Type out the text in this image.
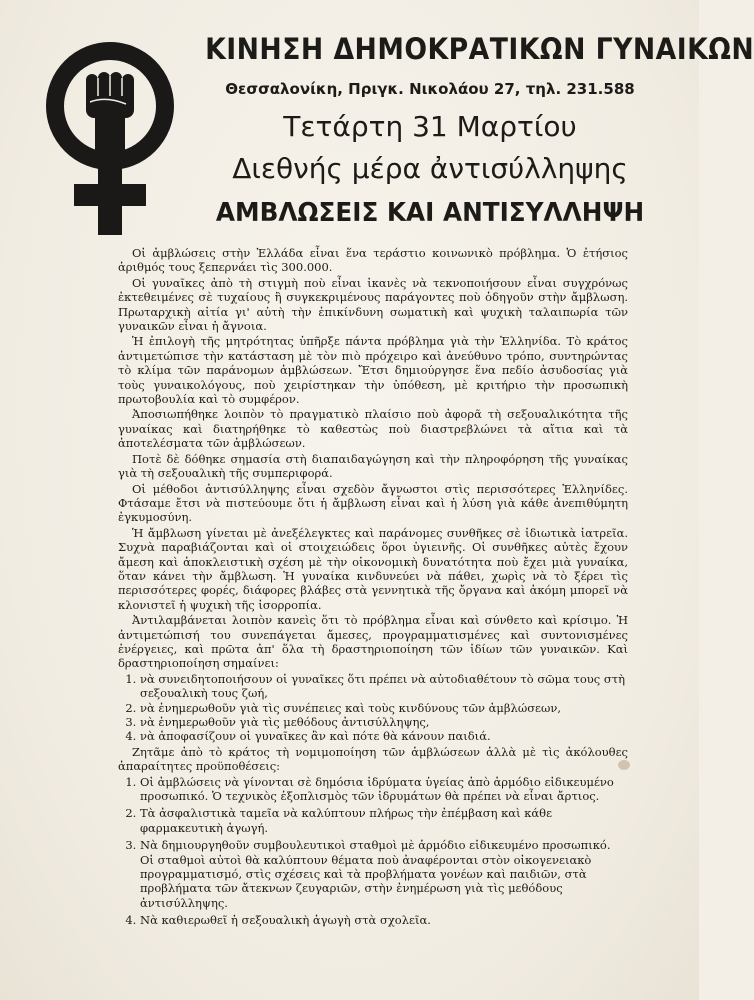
ΚΙΝΗΣΗ ΔΗΜΟΚΡΑΤΙΚΩΝ ΓΥΝΑΙΚΩΝ
Θεσσαλονίκη, Πριγκ. Νικολάου 27, τηλ. 231.588
Τετάρτη 31 Μαρτίου
Διεθνής μέρα ἀντισύλληψης
ΑΜΒΛΩΣΕΙΣ ΚΑΙ ΑΝΤΙΣΥΛΛΗΨΗ

Οἱ ἀμβλώσεις στὴν Ἑλλάδα εἶναι ἕνα τεράστιο κοινωνικὸ πρόβλημα. Ὁ ἐτήσιος ἀριθμός τους ξεπερνάει τὶς 300.000.

Οἱ γυναῖκες ἀπὸ τὴ στιγμὴ ποὺ εἶναι ἱκανὲς νὰ τεκνοποιήσουν εἶναι συγχρόνως ἐκτεθειμένες σὲ τυχαίους ἢ συγκεκριμένους παράγοντες ποὺ ὁδηγοῦν στὴν ἄμβλωση. Πρωταρχικὴ αἰτία γι' αὐτὴ τὴν ἐπικίνδυνη σωματικὴ καὶ ψυχικὴ ταλαιπωρία τῶν γυναικῶν εἶναι ἡ ἄγνοια.

Ἡ ἐπιλογὴ τῆς μητρότητας ὑπῆρξε πάντα πρόβλημα γιὰ τὴν Ἑλληνίδα. Τὸ κράτος ἀντιμετώπισε τὴν κατάσταση μὲ τὸν πιὸ πρόχειρο καὶ ἀνεύθυνο τρόπο, συντηρώντας τὸ κλίμα τῶν παράνομων ἀμβλώσεων. Ἔτσι δημιούργησε ἕνα πεδίο ἀσυδοσίας γιὰ τοὺς γυναικολόγους, ποὺ χειρίστηκαν τὴν ὑπόθεση, μὲ κριτήριο τὴν προσωπικὴ πρωτοβουλία καὶ τὸ συμφέρον.

Ἀποσιωπήθηκε λοιπὸν τὸ πραγματικὸ πλαίσιο ποὺ ἀφορᾶ τὴ σεξουαλικότητα τῆς γυναίκας καὶ διατηρήθηκε τὸ καθεστὼς ποὺ διαστρεβλώνει τὰ αἴτια καὶ τὰ ἀποτελέσματα τῶν ἀμβλώσεων.

Ποτὲ δὲ δόθηκε σημασία στὴ διαπαιδαγώγηση καὶ τὴν πληροφόρηση τῆς γυναίκας γιὰ τὴ σεξουαλικὴ τῆς συμπεριφορά.

Οἱ μέθοδοι ἀντισύλληψης εἶναι σχεδὸν ἄγνωστοι στὶς περισσότερες Ἑλληνίδες. Φτάσαμε ἔτσι νὰ πιστεύουμε ὅτι ἡ ἄμβλωση εἶναι καὶ ἡ λύση γιὰ κάθε ἀνεπιθύμητη ἐγκυμοσύνη.

Ἡ ἄμβλωση γίνεται μὲ ἀνεξέλεγκτες καὶ παράνομες συνθῆκες σὲ ἰδιωτικὰ ἰατρεῖα. Συχνὰ παραβιάζονται καὶ οἱ στοιχειώδεις ὅροι ὑγιεινῆς. Οἱ συνθῆκες αὐτὲς ἔχουν ἄμεση καὶ ἀποκλειστικὴ σχέση μὲ τὴν οἰκονομικὴ δυνατότητα ποὺ ἔχει μιὰ γυναίκα, ὅταν κάνει τὴν ἄμβλωση. Ἡ γυναίκα κινδυνεύει νὰ πάθει, χωρὶς νὰ τὸ ξέρει τὶς περισσότερες φορές, διάφορες βλάβες στὰ γεννητικὰ τῆς ὄργανα καὶ ἀκόμη μπορεῖ νὰ κλονιστεῖ ἡ ψυχικὴ τῆς ἰσορροπία.

Ἀντιλαμβάνεται λοιπὸν κανεὶς ὅτι τὸ πρόβλημα εἶναι καὶ σύνθετο καὶ κρίσιμο. Ἡ ἀντιμετώπισή του συνεπάγεται ἄμεσες, προγραμματισμένες καὶ συντονισμένες ἐνέργειες, καὶ πρῶτα ἀπ' ὅλα τὴ δραστηριοποίηση τῶν ἰδίων τῶν γυναικῶν. Καὶ δραστηριοποίηση σημαίνει:

1. νὰ συνειδητοποιήσουν οἱ γυναῖκες ὅτι πρέπει νὰ αὐτοδιαθέτουν τὸ σῶμα τους στὴ σεξουαλικὴ τους ζωή,
2. νὰ ἐνημερωθοῦν γιὰ τὶς συνέπειες καὶ τοὺς κινδύνους τῶν ἀμβλώσεων,
3. νὰ ἐνημερωθοῦν γιὰ τὶς μεθόδους ἀντισύλληψης,
4. νὰ ἀποφασίζουν οἱ γυναῖκες ἂν καὶ πότε θὰ κάνουν παιδιά.

Ζητᾶμε ἀπὸ τὸ κράτος τὴ νομιμοποίηση τῶν ἀμβλώσεων ἀλλὰ μὲ τὶς ἀκόλουθες ἀπαραίτητες προϋποθέσεις:

1. Οἱ ἀμβλώσεις νὰ γίνονται σὲ δημόσια ἱδρύματα ὑγείας ἀπὸ ἁρμόδιο εἰδικευμένο προσωπικό. Ὁ τεχνικὸς ἐξοπλισμὸς τῶν ἱδρυμάτων θὰ πρέπει νὰ εἶναι ἄρτιος.
2. Τὰ ἀσφαλιστικὰ ταμεῖα νὰ καλύπτουν πλήρως τὴν ἐπέμβαση καὶ κάθε φαρμακευτικὴ ἀγωγή.
3. Νὰ δημιουργηθοῦν συμβουλευτικοὶ σταθμοὶ μὲ ἁρμόδιο εἰδικευμένο προσωπικό. Οἱ σταθμοὶ αὐτοὶ θὰ καλύπτουν θέματα ποὺ ἀναφέρονται στὸν οἰκογενειακὸ προγραμματισμό, στὶς σχέσεις καὶ τὰ προβλήματα γονέων καὶ παιδιῶν, στὰ προβλήματα τῶν ἄτεκνων ζευγαριῶν, στὴν ἐνημέρωση γιὰ τὶς μεθόδους ἀντισύλληψης.
4. Νὰ καθιερωθεῖ ἡ σεξουαλικὴ ἀγωγὴ στὰ σχολεῖα.
